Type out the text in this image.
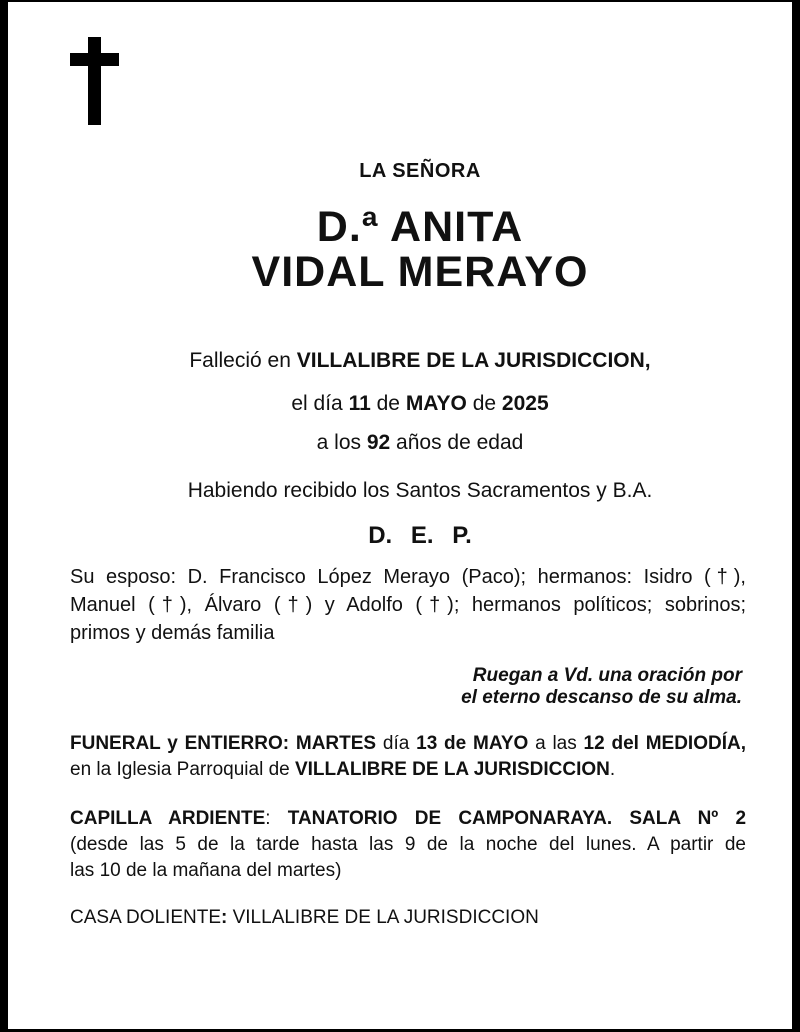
LA SEÑORA
D.ª ANITA
VIDAL MERAYO
Falleció en VILLALIBRE DE LA JURISDICCION,
el día 11 de MAYO de 2025
a los 92 años de edad
Habiendo recibido los Santos Sacramentos y B.A.
D. E. P.
Su esposo: D. Francisco López Merayo (Paco); hermanos: Isidro (†),
Manuel (†), Álvaro (†) y Adolfo (†); hermanos políticos; sobrinos;
primos y demás familia
Ruegan a Vd. una oración por
el eterno descanso de su alma.
FUNERAL y ENTIERRO: MARTES día 13 de MAYO a las 12 del MEDIODÍA,
en la Iglesia Parroquial de VILLALIBRE DE LA JURISDICCION.
CAPILLA ARDIENTE: TANATORIO DE CAMPONARAYA. SALA Nº 2
(desde las 5 de la tarde hasta las 9 de la noche del lunes. A partir de
las 10 de la mañana del martes)
CASA DOLIENTE: VILLALIBRE DE LA JURISDICCION
